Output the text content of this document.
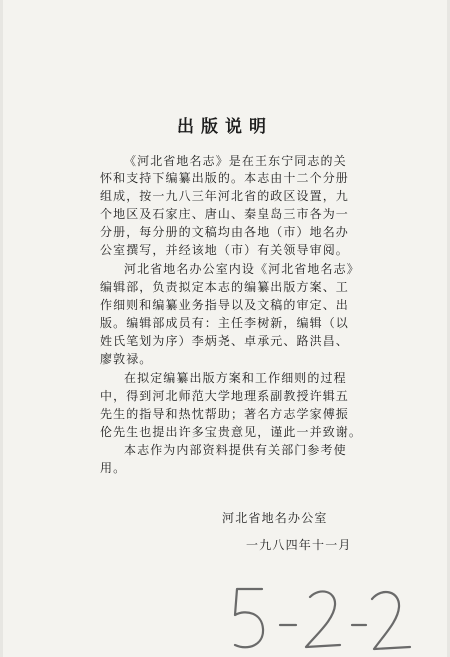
出版说明
《河北省地名志》是在王东宁同志的关
怀和支持下编纂出版的。本志由十二个分册
组成，按一九八三年河北省的政区设置，九
个地区及石家庄、唐山、秦皇岛三市各为一
分册，每分册的文稿均由各地（市）地名办
公室撰写，并经该地（市）有关领导审阅。
河北省地名办公室内设《河北省地名志》
编辑部，负责拟定本志的编纂出版方案、工
作细则和编纂业务指导以及文稿的审定、出
版。编辑部成员有：主任李树新，编辑（以
姓氏笔划为序）李炳尧、卓承元、路洪昌、
廖敦禄。
在拟定编纂出版方案和工作细则的过程
中，得到河北师范大学地理系副教授许辑五
先生的指导和热忱帮助；著名方志学家傅振
伦先生也提出许多宝贵意见，谨此一并致谢。
本志作为内部资料提供有关部门参考使
用。
河北省地名办公室
一九八四年十一月
